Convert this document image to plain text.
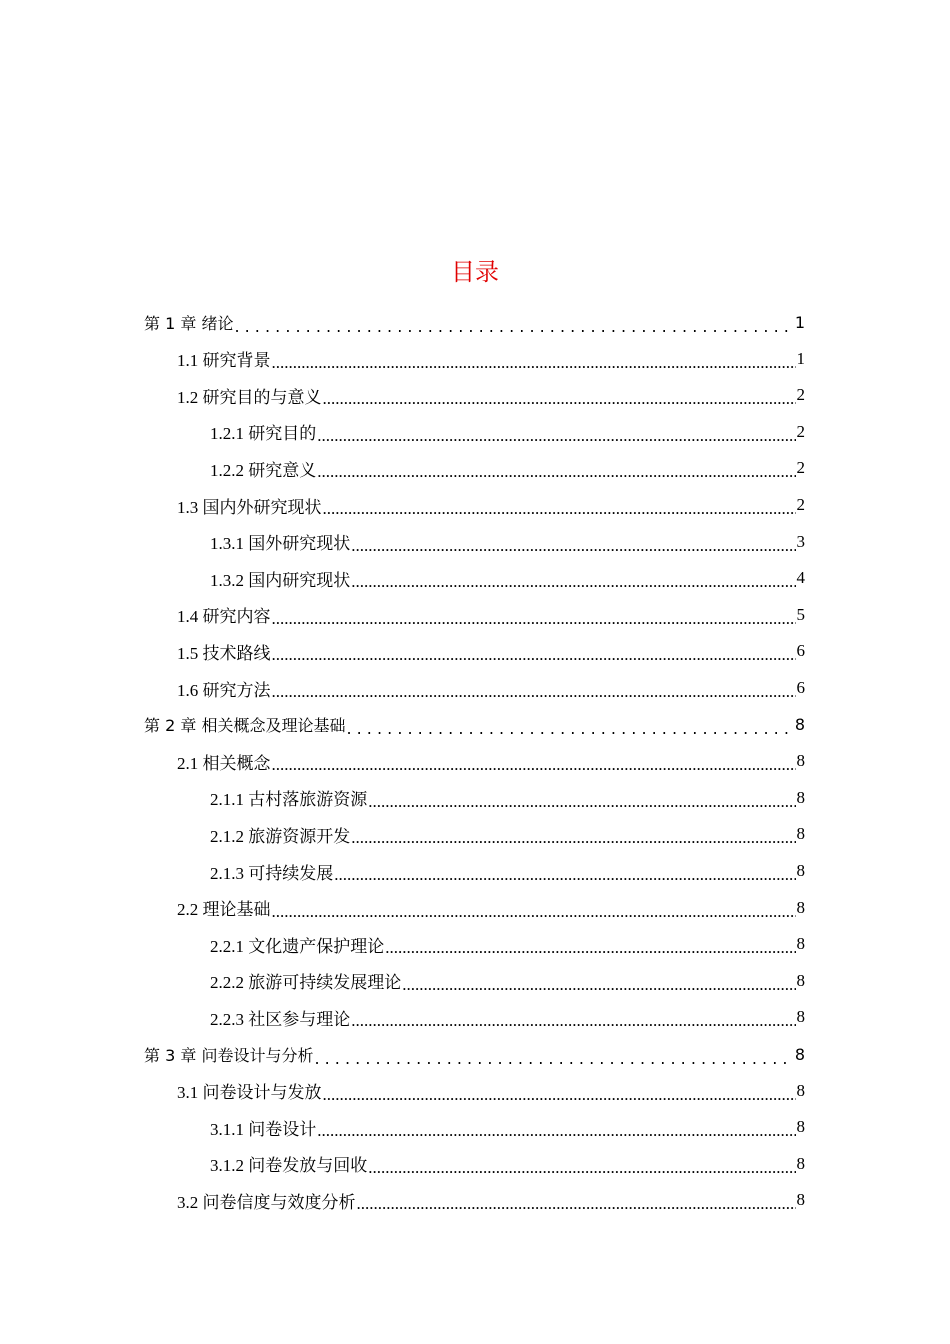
目录
第 1 章 绪论 . . .	1
1.1 研究背景 .....	1
1.2 研究目的与意义 .....	2
1.2.1 研究目的 .....	2
1.2.2 研究意义 .....	2
1.3 国内外研究现状 .....	2
1.3.1 国外研究现状 .....	3
1.3.2 国内研究现状 .....	4
1.4 研究内容 .....	5
1.5 技术路线 .....	6
1.6 研究方法 .....	6
第 2 章 相关概念及理论基础 . . .	8
2.1 相关概念 .....	8
2.1.1 古村落旅游资源 .....	8
2.1.2 旅游资源开发 .....	8
2.1.3 可持续发展 .....	8
2.2 理论基础 .....	8
2.2.1 文化遗产保护理论 .....	8
2.2.2 旅游可持续发展理论 .....	8
2.2.3 社区参与理论 .....	8
第 3 章 问卷设计与分析 . . .	8
3.1 问卷设计与发放 .....	8
3.1.1 问卷设计 .....	8
3.1.2 问卷发放与回收 .....	8
3.2 问卷信度与效度分析 .....	8
